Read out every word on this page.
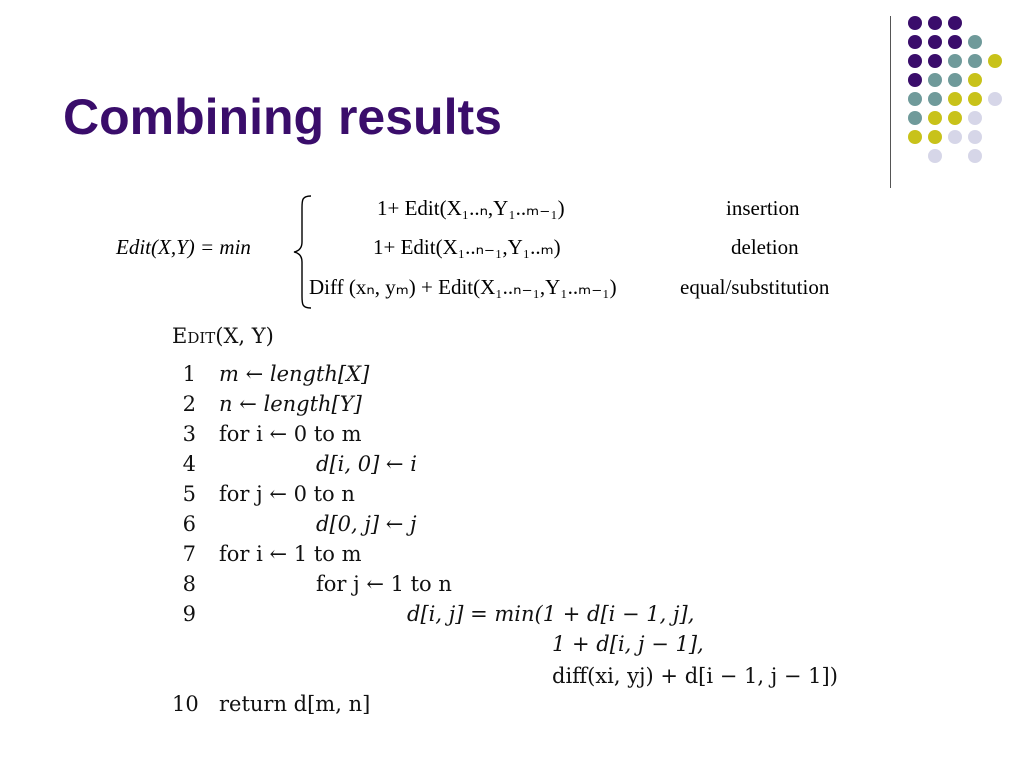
Combining results
Edit(X,Y) = min
1+ Edit(X₁..ₙ,Y₁..ₘ₋₁)	insertion
1+ Edit(X₁..ₙ₋₁,Y₁..ₘ)	deletion
Diff (xₙ, yₘ) + Edit(X₁..ₙ₋₁,Y₁..ₘ₋₁)	equal/substitution
Edit(X, Y)
1 m ← length[X]
2 n ← length[Y]
3 for i ← 0 to m
4	d[i, 0] ← i
5 for j ← 0 to n
6	d[0, j] ← j
7 for i ← 1 to m
8	for j ← 1 to n
9	d[i, j] = min(1 + d[i − 1, j],
1 + d[i, j − 1],
diff(xi, yj) + d[i − 1, j − 1])
10 return d[m, n]
